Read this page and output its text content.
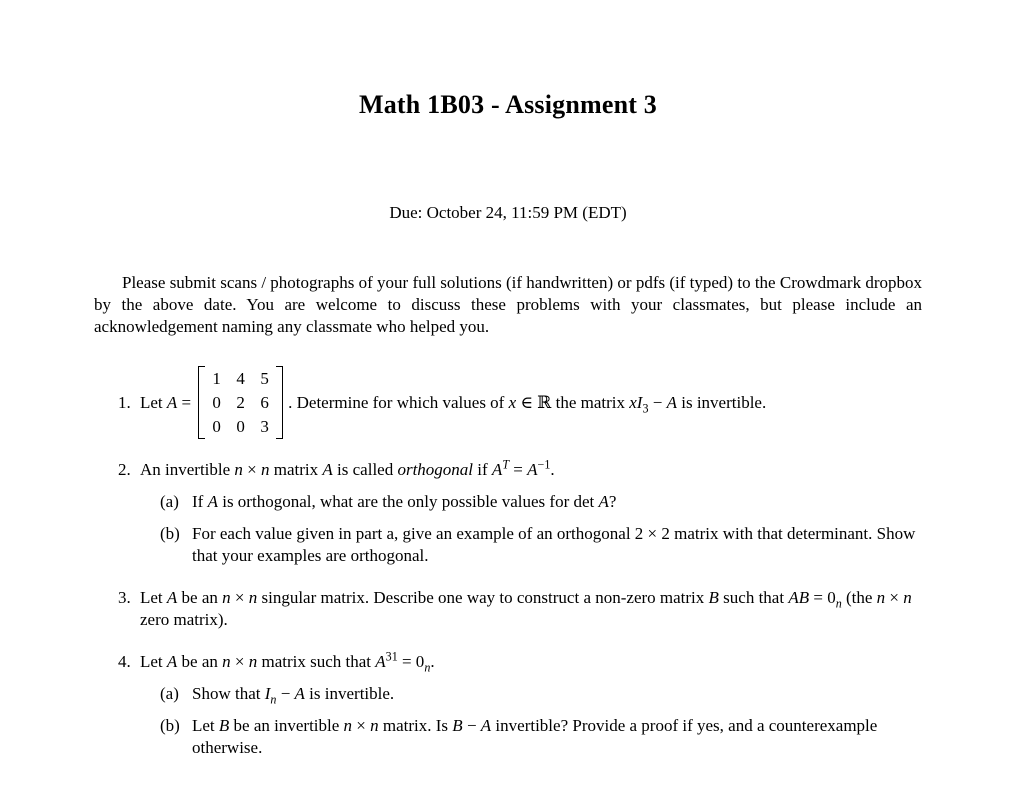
Math 1B03 - Assignment 3
Due: October 24, 11:59 PM (EDT)

Please submit scans / photographs of your full solutions (if handwritten) or pdfs (if typed) to the Crowdmark dropbox by the above date. You are welcome to discuss these problems with your classmates, but please include an acknowledgement naming any classmate who helped you.

1. Let A =
1 4 5
0 2 6
0 0 3
. Determine for which values of x ∈ ℝ the matrix $xI_3 - A$ is invertible.
2. An invertible n × n matrix A is called orthogonal if $A^T = A^{-1}$.
(a) If A is orthogonal, what are the only possible values for det A?
(b) For each value given in part a, give an example of an orthogonal 2 × 2 matrix with that determinant. Show that your examples are orthogonal.
3. Let A be an n × n singular matrix. Describe one way to construct a non-zero matrix B such that AB = $0_n$ (the n × n zero matrix).
4. Let A be an n × n matrix such that $A^{31} = 0_n$.
(a) Show that $I_n - A$ is invertible.
(b) Let B be an invertible n × n matrix. Is B − A invertible? Provide a proof if yes, and a counterexample otherwise.
